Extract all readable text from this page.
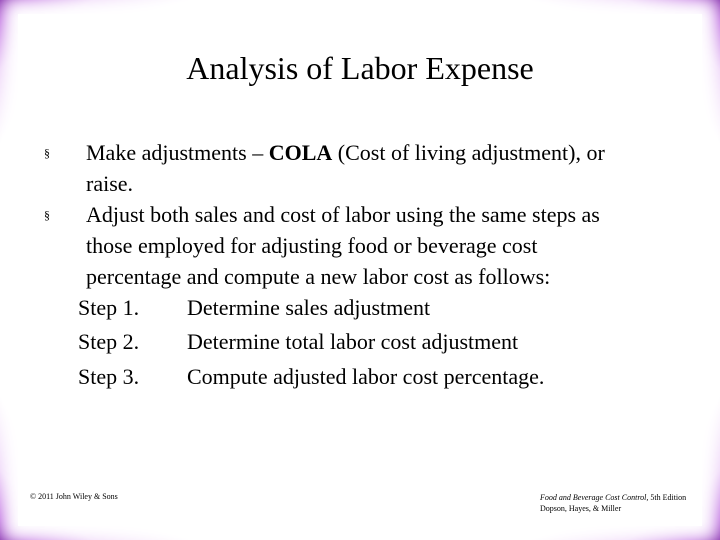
Analysis of Labor Expense
§ Make adjustments – COLA (Cost of living adjustment), or
raise.
§ Adjust both sales and cost of labor using the same steps as
those employed for adjusting food or beverage cost
percentage and compute a new labor cost as follows:
Step 1. Determine sales adjustment
Step 2. Determine total labor cost adjustment
Step 3. Compute adjusted labor cost percentage.
© 2011 John Wiley & Sons	Food and Beverage Cost Control, 5th Edition
Dopson, Hayes, & Miller
